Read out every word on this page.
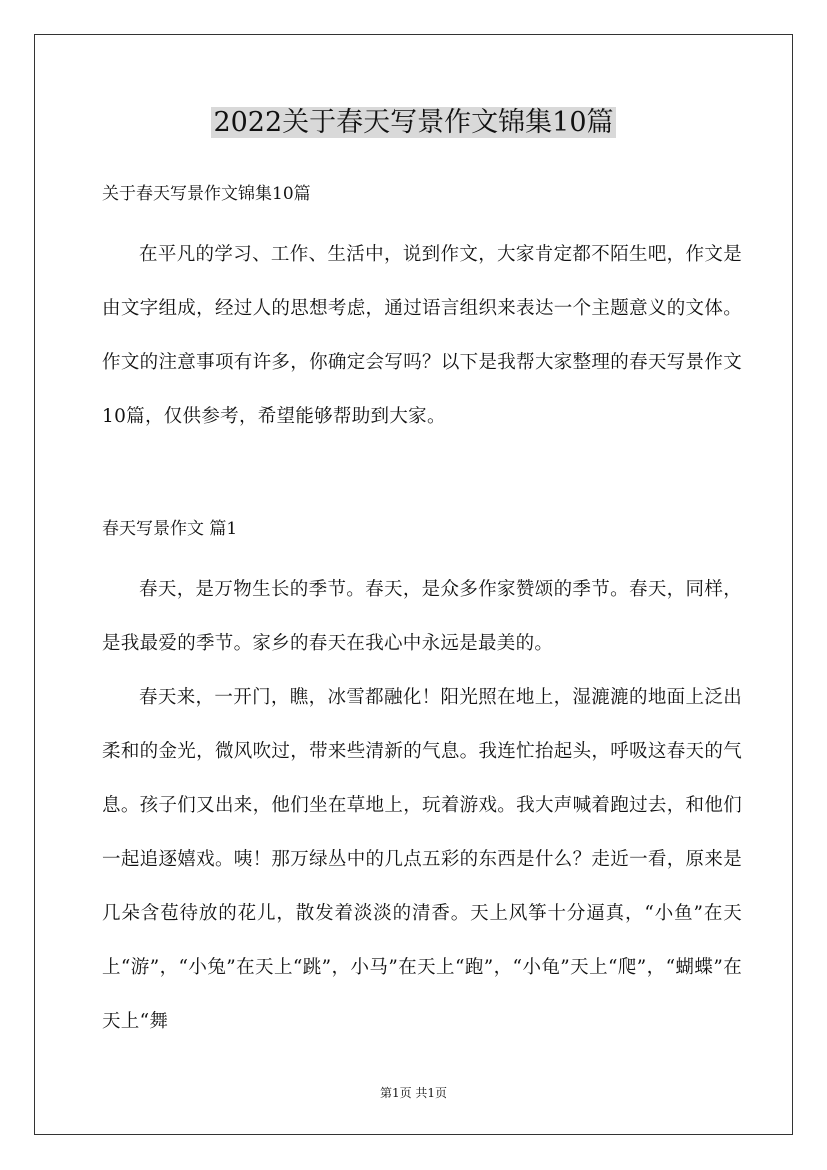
2022关于春天写景作文锦集10篇

关于春天写景作文锦集10篇

在平凡的学习、工作、生活中，说到作文，大家肯定都不陌生吧，作文是由文字组成，经过人的思想考虑，通过语言组织来表达一个主题意义的文体。作文的注意事项有许多，你确定会写吗？以下是我帮大家整理的春天写景作文10篇，仅供参考，希望能够帮助到大家。

春天写景作文 篇1

春天，是万物生长的季节。春天，是众多作家赞颂的季节。春天，同样，是我最爱的季节。家乡的春天在我心中永远是最美的。

春天来，一开门，瞧，冰雪都融化！阳光照在地上，湿漉漉的地面上泛出柔和的金光，微风吹过，带来些清新的气息。我连忙抬起头，呼吸这春天的气息。孩子们又出来，他们坐在草地上，玩着游戏。我大声喊着跑过去，和他们一起追逐嬉戏。咦！那万绿丛中的几点五彩的东西是什么？走近一看，原来是几朵含苞待放的花儿，散发着淡淡的清香。天上风筝十分逼真，“小鱼”在天上“游”，“小兔”在天上“跳”，小马”在天上“跑”，“小龟”天上“爬”，“蝴蝶”在天上“舞

第1页 共1页
